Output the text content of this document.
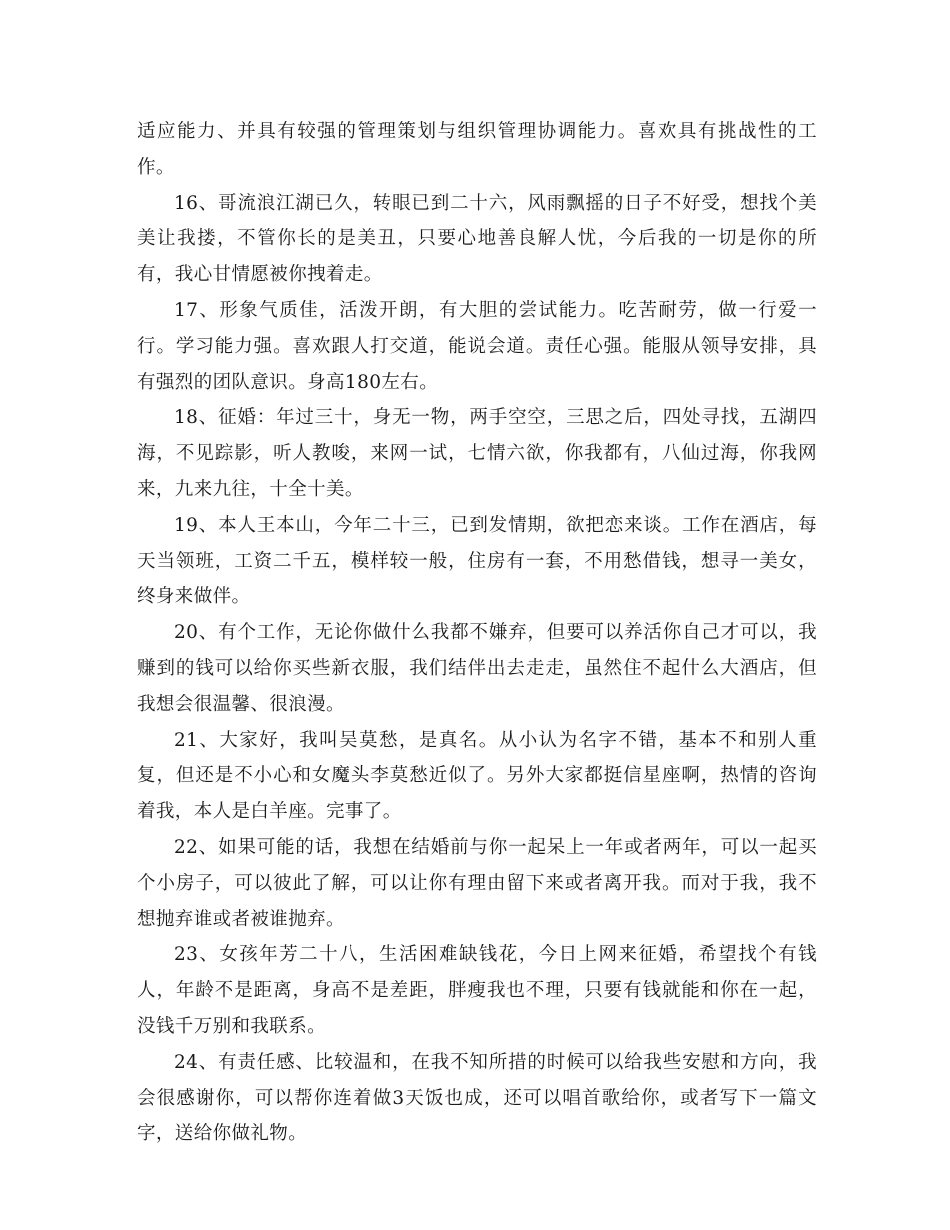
适应能力、并具有较强的管理策划与组织管理协调能力。喜欢具有挑战性的工作。

16、哥流浪江湖已久，转眼已到二十六，风雨飘摇的日子不好受，想找个美美让我搂，不管你长的是美丑，只要心地善良解人忧，今后我的一切是你的所有，我心甘情愿被你拽着走。

17、形象气质佳，活泼开朗，有大胆的尝试能力。吃苦耐劳，做一行爱一行。学习能力强。喜欢跟人打交道，能说会道。责任心强。能服从领导安排，具有强烈的团队意识。身高180左右。

18、征婚：年过三十，身无一物，两手空空，三思之后，四处寻找，五湖四海，不见踪影，听人教唆，来网一试，七情六欲，你我都有，八仙过海，你我网来，九来九往，十全十美。

19、本人王本山，今年二十三，已到发情期，欲把恋来谈。工作在酒店，每天当领班，工资二千五，模样较一般，住房有一套，不用愁借钱，想寻一美女，终身来做伴。

20、有个工作，无论你做什么我都不嫌弃，但要可以养活你自己才可以，我赚到的钱可以给你买些新衣服，我们结伴出去走走，虽然住不起什么大酒店，但我想会很温馨、很浪漫。

21、大家好，我叫吴莫愁，是真名。从小认为名字不错，基本不和别人重复，但还是不小心和女魔头李莫愁近似了。另外大家都挺信星座啊，热情的咨询着我，本人是白羊座。完事了。

22、如果可能的话，我想在结婚前与你一起呆上一年或者两年，可以一起买个小房子，可以彼此了解，可以让你有理由留下来或者离开我。而对于我，我不想抛弃谁或者被谁抛弃。

23、女孩年芳二十八，生活困难缺钱花，今日上网来征婚，希望找个有钱人，年龄不是距离，身高不是差距，胖瘦我也不理，只要有钱就能和你在一起，没钱千万别和我联系。

24、有责任感、比较温和，在我不知所措的时候可以给我些安慰和方向，我会很感谢你，可以帮你连着做3天饭也成，还可以唱首歌给你，或者写下一篇文字，送给你做礼物。
